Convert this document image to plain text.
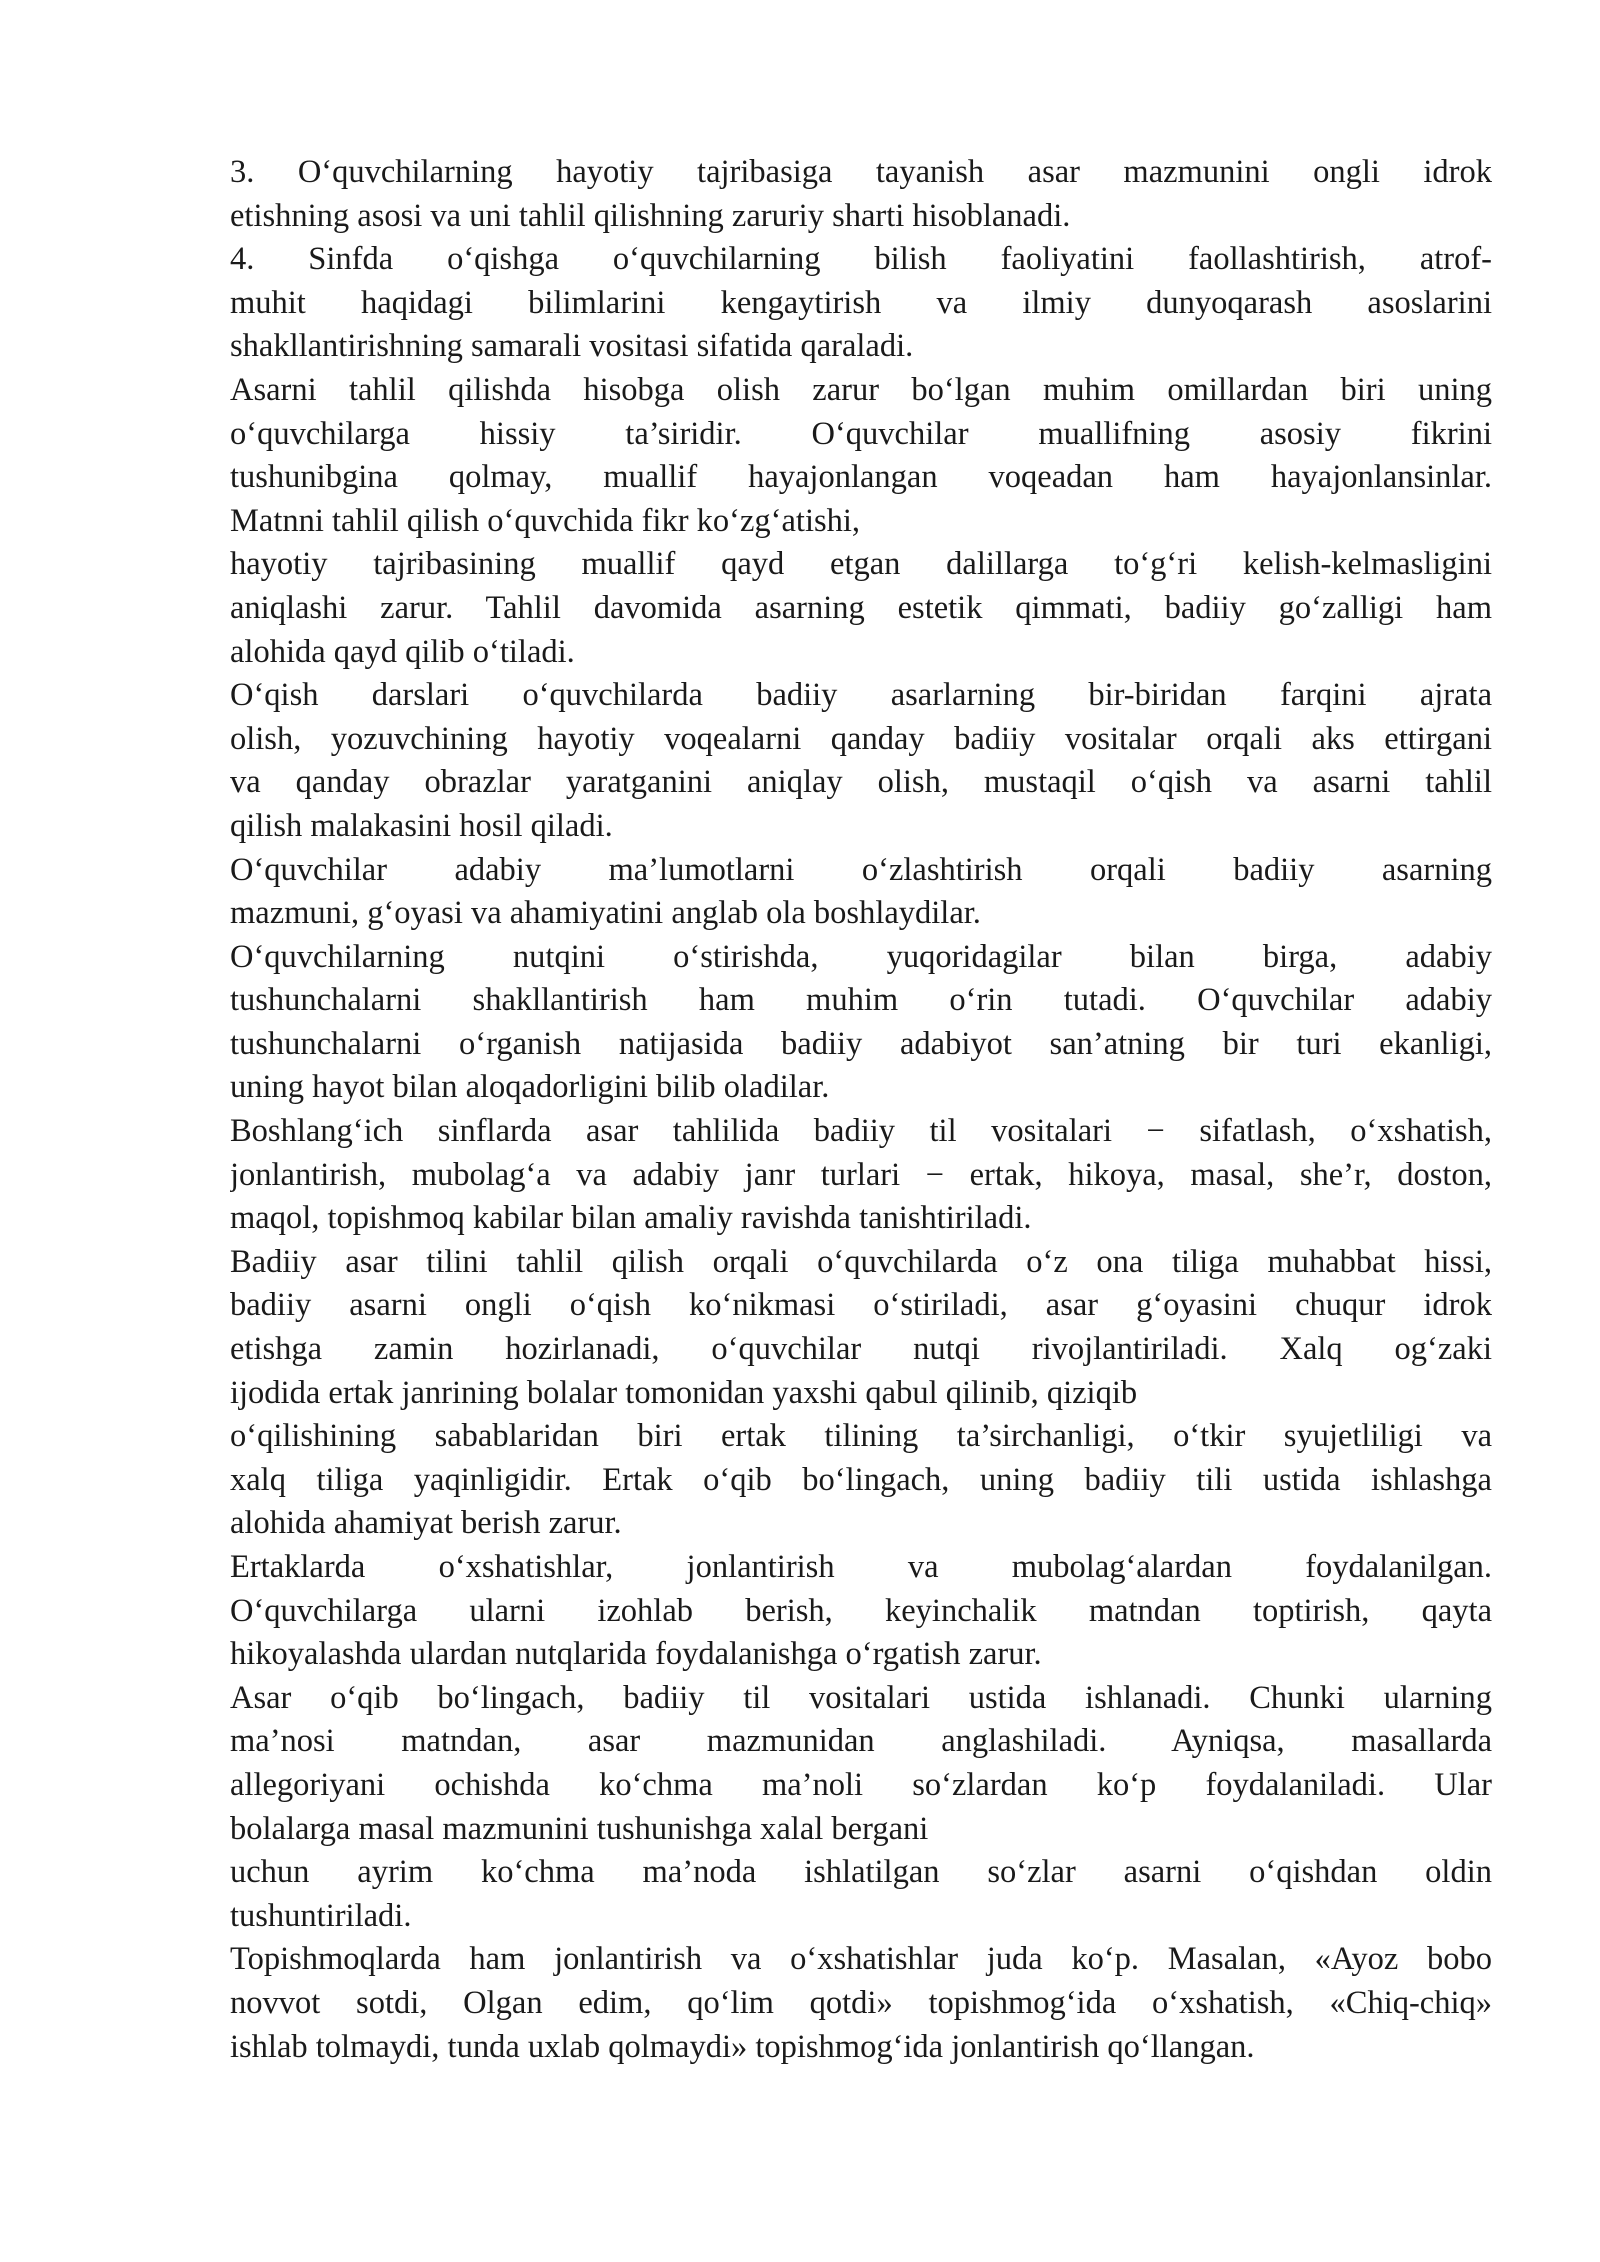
3. O‘quvchilarning hayotiy tajribasiga tayanish asar mazmunini ongli idrok
etishning asosi va uni tahlil qilishning zaruriy sharti hisoblanadi.
4. Sinfda o‘qishga o‘quvchilarning bilish faoliyatini faollashtirish, atrof-
muhit haqidagi bilimlarini kengaytirish va ilmiy dunyoqarash asoslarini
shakllantirishning samarali vositasi sifatida qaraladi.
Asarni tahlil qilishda hisobga olish zarur bo‘lgan muhim omillardan biri uning
o‘quvchilarga hissiy ta’siridir. O‘quvchilar muallifning asosiy fikrini
tushunibgina qolmay, muallif hayajonlangan voqeadan ham hayajonlansinlar.
Matnni tahlil qilish o‘quvchida fikr ko‘zg‘atishi,
hayotiy tajribasining muallif qayd etgan dalillarga to‘g‘ri kelish-kelmasligini
aniqlashi zarur. Tahlil davomida asarning estetik qimmati, badiiy go‘zalligi ham
alohida qayd qilib o‘tiladi.
O‘qish darslari o‘quvchilarda badiiy asarlarning bir-biridan farqini ajrata
olish, yozuvchining hayotiy voqealarni qanday badiiy vositalar orqali aks ettirgani
va qanday obrazlar yaratganini aniqlay olish, mustaqil o‘qish va asarni tahlil
qilish malakasini hosil qiladi.
O‘quvchilar adabiy ma’lumotlarni o‘zlashtirish orqali badiiy asarning
mazmuni, g‘oyasi va ahamiyatini anglab ola boshlaydilar.
O‘quvchilarning nutqini o‘stirishda, yuqoridagilar bilan birga, adabiy
tushunchalarni shakllantirish ham muhim o‘rin tutadi. O‘quvchilar adabiy
tushunchalarni o‘rganish natijasida badiiy adabiyot san’atning bir turi ekanligi,
uning hayot bilan aloqadorligini bilib oladilar.
Boshlang‘ich sinflarda asar tahlilida badiiy til vositalari − sifatlash, o‘xshatish,
jonlantirish, mubolag‘a va adabiy janr turlari − ertak, hikoya, masal, she’r, doston,
maqol, topishmoq kabilar bilan amaliy ravishda tanishtiriladi.
Badiiy asar tilini tahlil qilish orqali o‘quvchilarda o‘z ona tiliga muhabbat hissi,
badiiy asarni ongli o‘qish ko‘nikmasi o‘stiriladi, asar g‘oyasini chuqur idrok
etishga zamin hozirlanadi, o‘quvchilar nutqi rivojlantiriladi. Xalq og‘zaki
ijodida ertak janrining bolalar tomonidan yaxshi qabul qilinib, qiziqib
o‘qilishining sabablaridan biri ertak tilining ta’sirchanligi, o‘tkir syujetliligi va
xalq tiliga yaqinligidir. Ertak o‘qib bo‘lingach, uning badiiy tili ustida ishlashga
alohida ahamiyat berish zarur.
Ertaklarda o‘xshatishlar, jonlantirish va mubolag‘alardan foydalanilgan.
O‘quvchilarga ularni izohlab berish, keyinchalik matndan toptirish, qayta
hikoyalashda ulardan nutqlarida foydalanishga o‘rgatish zarur.
Asar o‘qib bo‘lingach, badiiy til vositalari ustida ishlanadi. Chunki ularning
ma’nosi matndan, asar mazmunidan anglashiladi. Ayniqsa, masallarda
allegoriyani ochishda ko‘chma ma’noli so‘zlardan ko‘p foydalaniladi. Ular
bolalarga masal mazmunini tushunishga xalal bergani
uchun ayrim ko‘chma ma’noda ishlatilgan so‘zlar asarni o‘qishdan oldin
tushuntiriladi.
Topishmoqlarda ham jonlantirish va o‘xshatishlar juda ko‘p. Masalan, «Ayoz bobo
novvot sotdi, Olgan edim, qo‘lim qotdi» topishmog‘ida o‘xshatish, «Chiq-chiq»
ishlab tolmaydi, tunda uxlab qolmaydi» topishmog‘ida jonlantirish qo‘llangan.
